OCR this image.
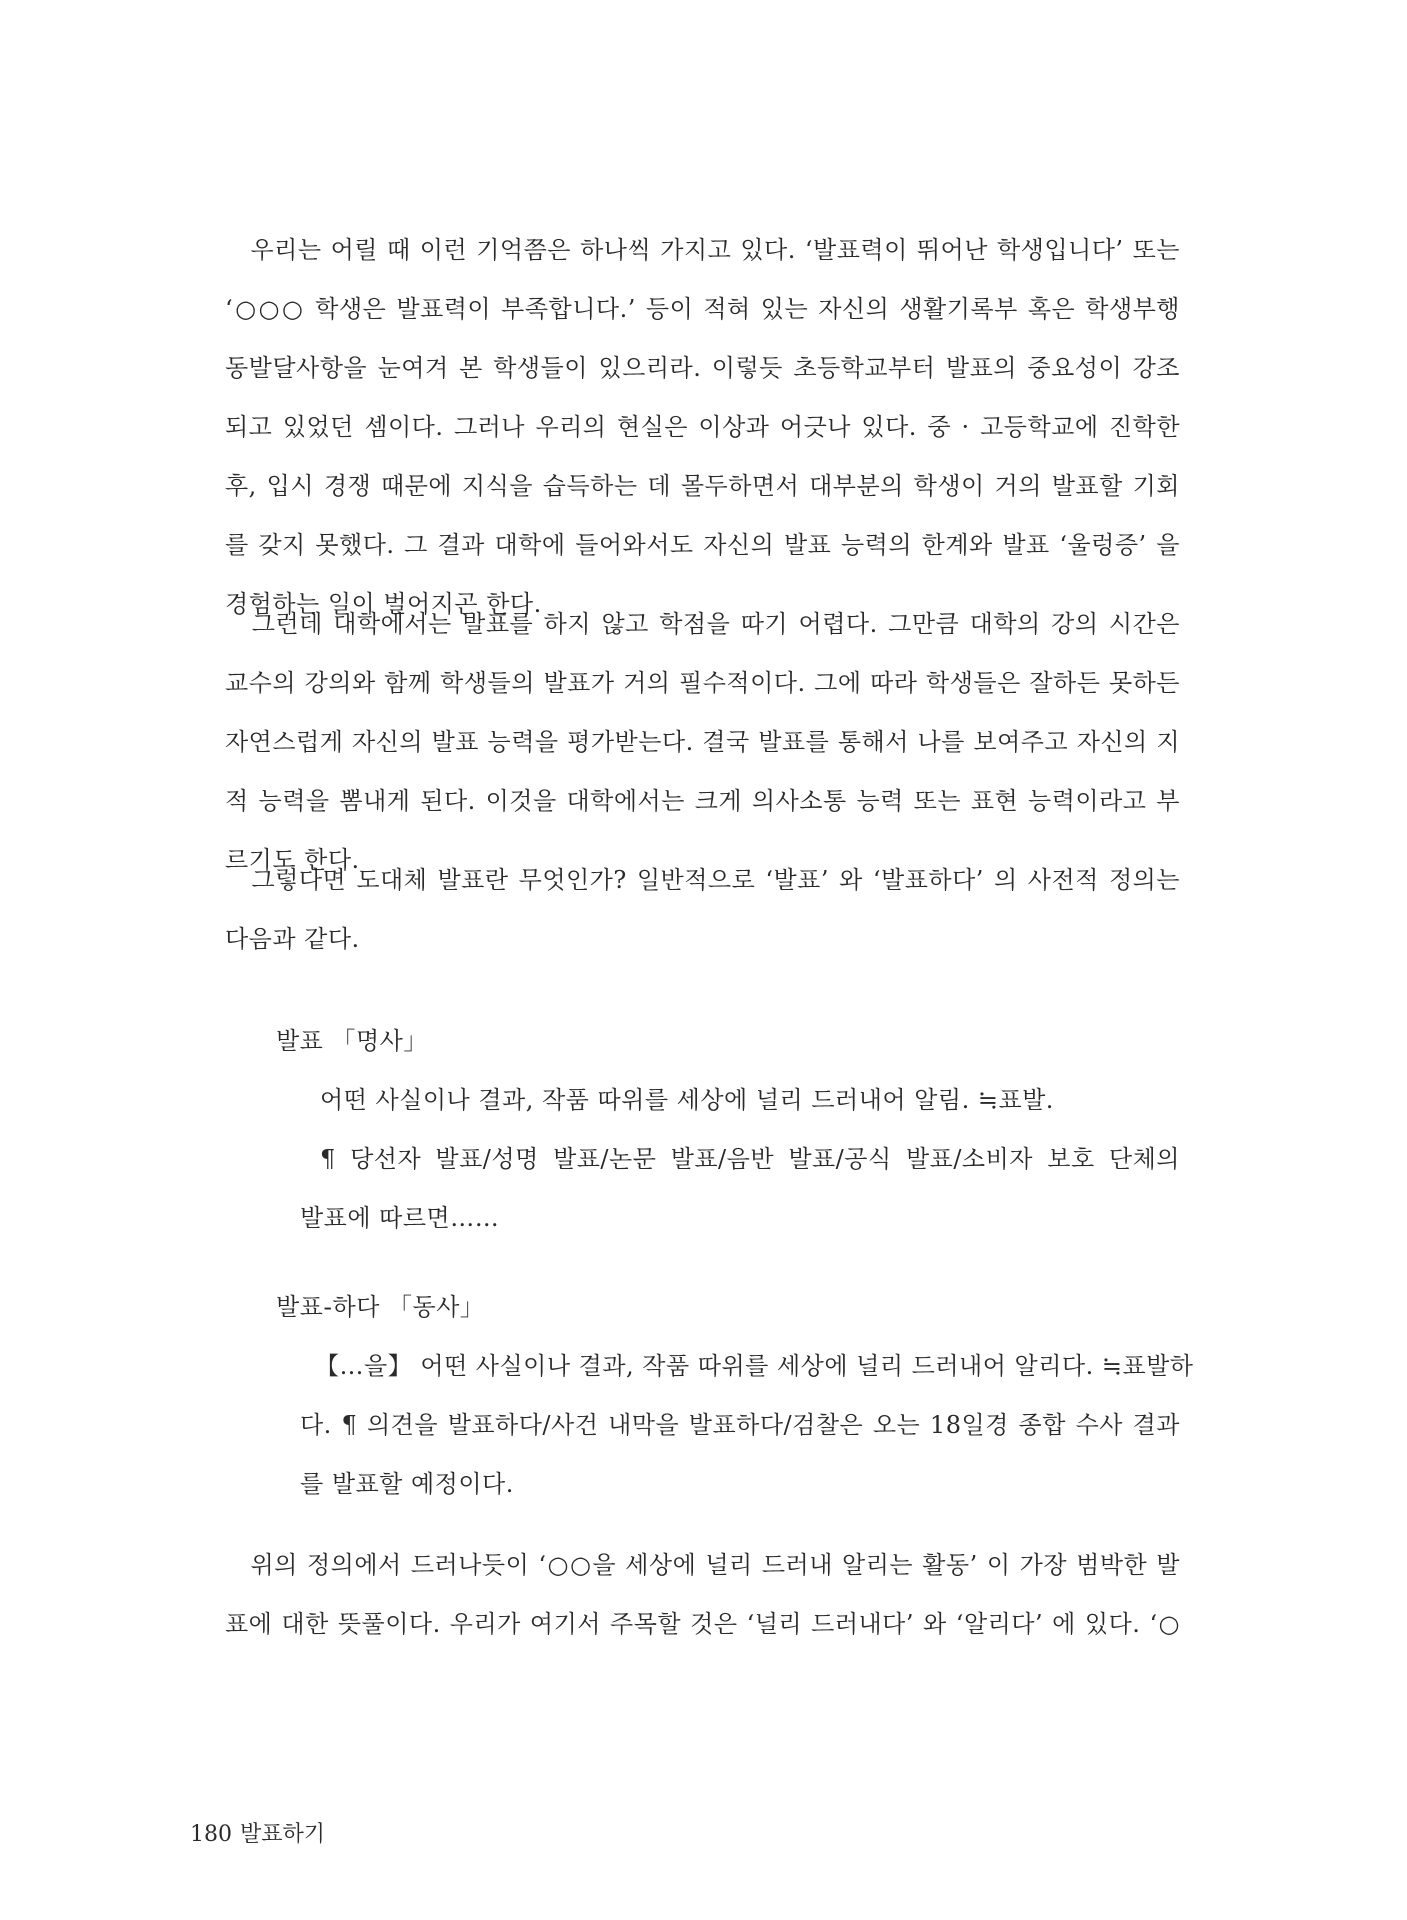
　우리는 어릴 때 이런 기억쯤은 하나씩 가지고 있다. ‘발표력이 뛰어난 학생입니다’ 또는
‘○○○ 학생은 발표력이 부족합니다.’ 등이 적혀 있는 자신의 생활기록부 혹은 학생부행
동발달사항을 눈여겨 본 학생들이 있으리라. 이렇듯 초등학교부터 발표의 중요성이 강조
되고 있었던 셈이다. 그러나 우리의 현실은 이상과 어긋나 있다. 중 · 고등학교에 진학한
후, 입시 경쟁 때문에 지식을 습득하는 데 몰두하면서 대부분의 학생이 거의 발표할 기회
를 갖지 못했다. 그 결과 대학에 들어와서도 자신의 발표 능력의 한계와 발표 ‘울렁증’ 을
경험하는 일이 벌어지곤 한다.
　그런데 대학에서는 발표를 하지 않고 학점을 따기 어렵다. 그만큼 대학의 강의 시간은
교수의 강의와 함께 학생들의 발표가 거의 필수적이다. 그에 따라 학생들은 잘하든 못하든
자연스럽게 자신의 발표 능력을 평가받는다. 결국 발표를 통해서 나를 보여주고 자신의 지
적 능력을 뽐내게 된다. 이것을 대학에서는 크게 의사소통 능력 또는 표현 능력이라고 부
르기도 한다.
　그렇다면 도대체 발표란 무엇인가? 일반적으로 ‘발표’ 와 ‘발표하다’ 의 사전적 정의는
다음과 같다.

발표 「명사」

어떤 사실이나 결과, 작품 따위를 세상에 널리 드러내어 알림. ≒표발.

¶ 당선자 발표/성명 발표/논문 발표/음반 발표/공식 발표/소비자 보호 단체의

발표에 따르면……

발표-하다 「동사」

【…을】 어떤 사실이나 결과, 작품 따위를 세상에 널리 드러내어 알리다. ≒표발하

다. ¶ 의견을 발표하다/사건 내막을 발표하다/검찰은 오는 18일경 종합 수사 결과

를 발표할 예정이다.

　위의 정의에서 드러나듯이 ‘○○을 세상에 널리 드러내 알리는 활동’ 이 가장 범박한 발
표에 대한 뜻풀이다. 우리가 여기서 주목할 것은 ‘널리 드러내다’ 와 ‘알리다’ 에 있다. ‘○

180 발표하기
